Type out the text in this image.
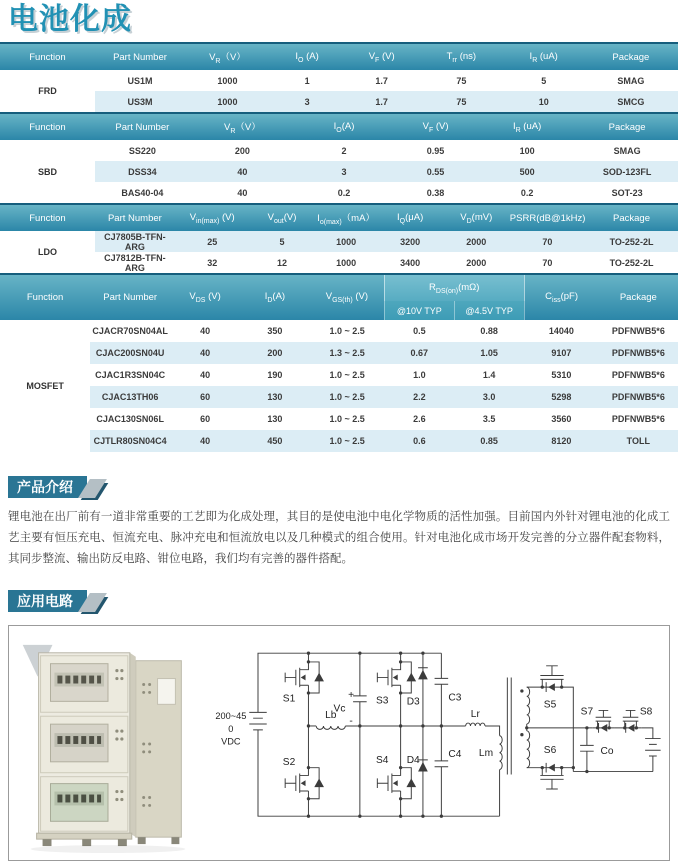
电池化成
Function	Part Number	$V_R(V)$	$I_O$ (A)	$V_F$ (V)	$T_{rr}$ (ns)	$I_R$ (uA)	Package
FRD	US1M	1000	1	1.7	75	5	SMAG
	US3M	1000	3	1.7	75	10	SMCG
Function	Part Number	$V_R(V)$	$I_O(A)$	$V_F$ (V)	$I_R$ (uA)	Package
SBD	SS220	200	2	0.95	100	SMAG
	DSS34	40	3	0.55	500	SOD-123FL
	BAS40-04	40	0.2	0.38	0.2	SOT-23
Function	Part Number	$V_{in(max)}$ (V)	$V_{out}(V)$	$I_{o(max)}(mA)$	$I_Q(\mu A)$	$V_D(mV)$	PSRR(dB@1kHz)	Package
LDO	CJ7805B-TFN-ARG	25	5	1000	3200	2000	70	TO-252-2L
	CJ7812B-TFN-ARG	32	12	1000	3400	2000	70	TO-252-2L
Function	Part Number	$V_{DS}$ (V)	$I_D(A)$	$V_{GS(th)}$ (V)	$R_{DS(on)}(m\Omega)$		$C_{iss}(pF)$	Package
					@10V TYP	@4.5V TYP		
MOSFET	CJACR70SN04AL	40	350	1.0 ~ 2.5	0.5	0.88	14040	PDFNWB5*6
	CJAC200SN04U	40	200	1.3 ~ 2.5	0.67	1.05	9107	PDFNWB5*6
	CJAC1R3SN04C	40	190	1.0 ~ 2.5	1.0	1.4	5310	PDFNWB5*6
	CJAC13TH06	60	130	1.0 ~ 2.5	2.2	3.0	5298	PDFNWB5*6
	CJAC130SN06L	60	130	1.0 ~ 2.5	2.6	3.5	3560	PDFNWB5*6
	CJTLR80SN04C4	40	450	1.0 ~ 2.5	0.6	0.85	8120	TOLL
产品介绍

锂电池在出厂前有一道非常重要的工艺即为化成处理，其目的是使电池中电化学物质的活性加强。目前国内外针对锂电池的化成工艺主要有恒压充电、恒流充电、脉冲充电和恒流放电以及几种模式的组合使用。针对电池化成市场开发完善的分立器件配套物料，其同步整流、输出防反电路、钳位电路，我们均有完善的器件搭配。

应用电路
200~45
0
VDC
S1
S2
Lb
+
Vc
-
S3
S4
D3
D4
C3
C4
Lr
Lm
S5
S6
S7	S8
Co
